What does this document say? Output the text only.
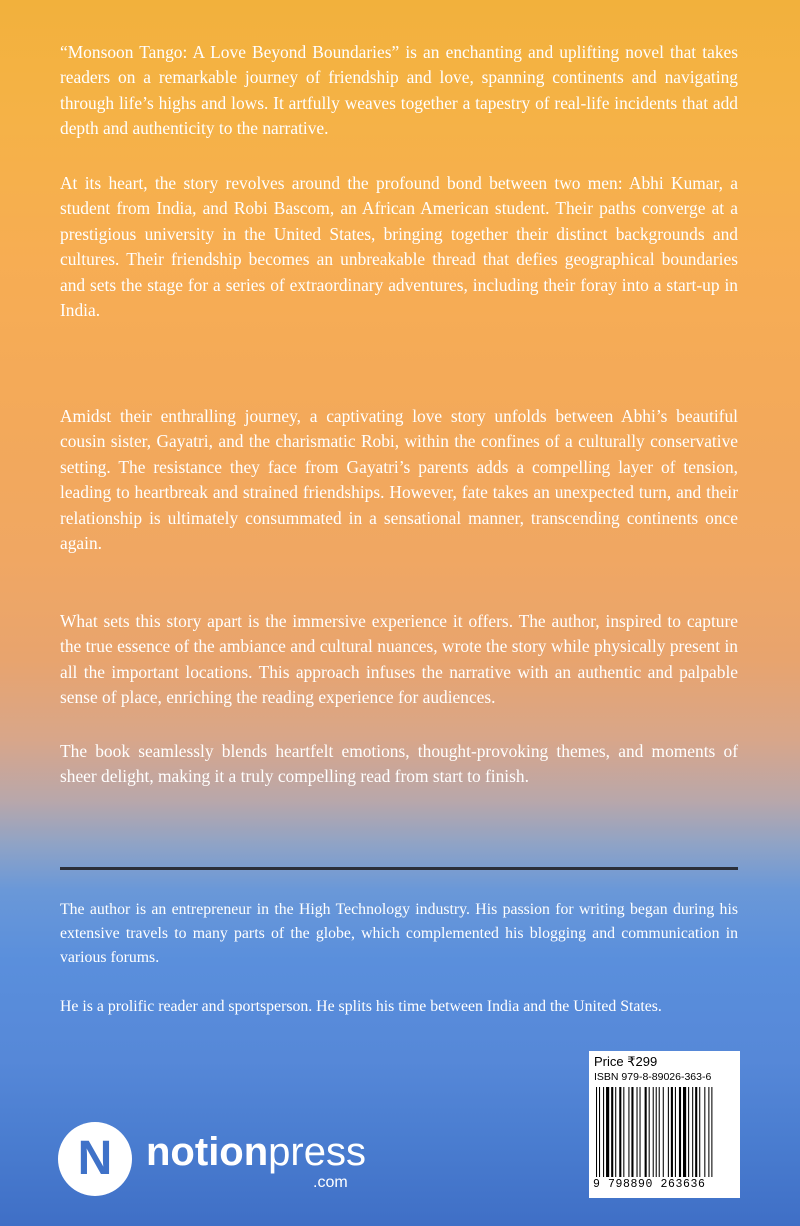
“Monsoon Tango: A Love Beyond Boundaries” is an enchanting and uplifting novel that takes readers on a remarkable journey of friendship and love, spanning continents and navigating through life’s highs and lows. It artfully weaves together a tapestry of real-life incidents that add depth and authenticity to the narrative.

At its heart, the story revolves around the profound bond between two men: Abhi Kumar, a student from India, and Robi Bascom, an African American student. Their paths converge at a prestigious university in the United States, bringing together their distinct backgrounds and cultures. Their friendship becomes an unbreakable thread that defies geographical boundaries and sets the stage for a series of extraordinary adventures, including their foray into a start-up in India.

Amidst their enthralling journey, a captivating love story unfolds between Abhi’s beautiful cousin sister, Gayatri, and the charismatic Robi, within the confines of a culturally conservative setting. The resistance they face from Gayatri’s parents adds a compelling layer of tension, leading to heartbreak and strained friendships. However, fate takes an unexpected turn, and their relationship is ultimately consummated in a sensational manner, transcending continents once again.

What sets this story apart is the immersive experience it offers. The author, inspired to capture the true essence of the ambiance and cultural nuances, wrote the story while physically present in all the important locations. This approach infuses the narrative with an authentic and palpable sense of place, enriching the reading experience for audiences.

The book seamlessly blends heartfelt emotions, thought-provoking themes, and moments of sheer delight, making it a truly compelling read from start to finish.

The author is an entrepreneur in the High Technology industry. His passion for writing began during his extensive travels to many parts of the globe, which complemented his blogging and communication in various forums.

He is a prolific reader and sportsperson. He splits his time between India and the United States.

N notionpress
.com
Price ₹299
ISBN 979-8-89026-363-6
9 798890 263636
